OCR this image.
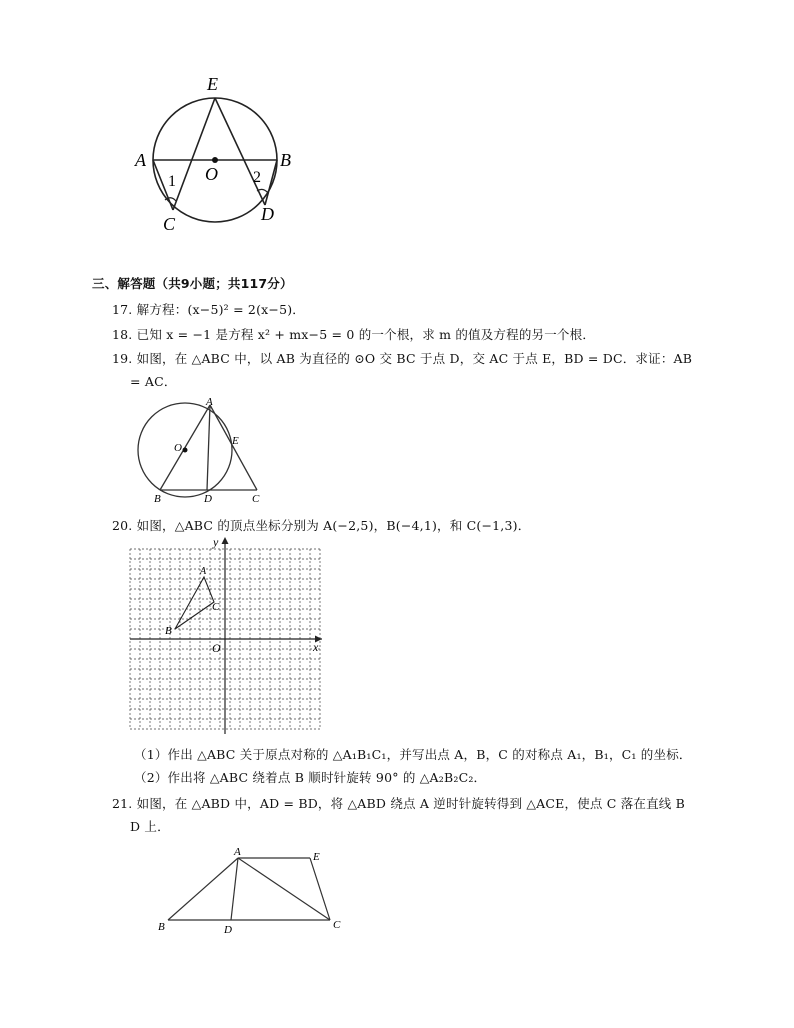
E
A	B
O
C	D
1	2
三、解答题（共9小题；共117分）
17. 解方程：(x−5)² = 2(x−5)．
18. 已知 x = −1 是方程 x² + mx−5 = 0 的一个根，求 m 的值及方程的另一个根．
19. 如图，在 △ABC 中，以 AB 为直径的 ⊙O 交 BC 于点 D，交 AC 于点 E，BD = DC．求证：AB
= AC．
A
O
E
B	D	C
20. 如图，△ABC 的顶点坐标分别为 A(−2,5)，B(−4,1)，和 C(−1,3)．
y
x
O
A
B
C
（1）作出 △ABC 关于原点对称的 △A₁B₁C₁，并写出点 A，B，C 的对称点 A₁，B₁，C₁ 的坐标．
（2）作出将 △ABC 绕着点 B 顺时针旋转 90° 的 △A₂B₂C₂．
21. 如图，在 △ABD 中，AD = BD，将 △ABD 绕点 A 逆时针旋转得到 △ACE，使点 C 落在直线 B
D 上．
A	E
B	D	C
